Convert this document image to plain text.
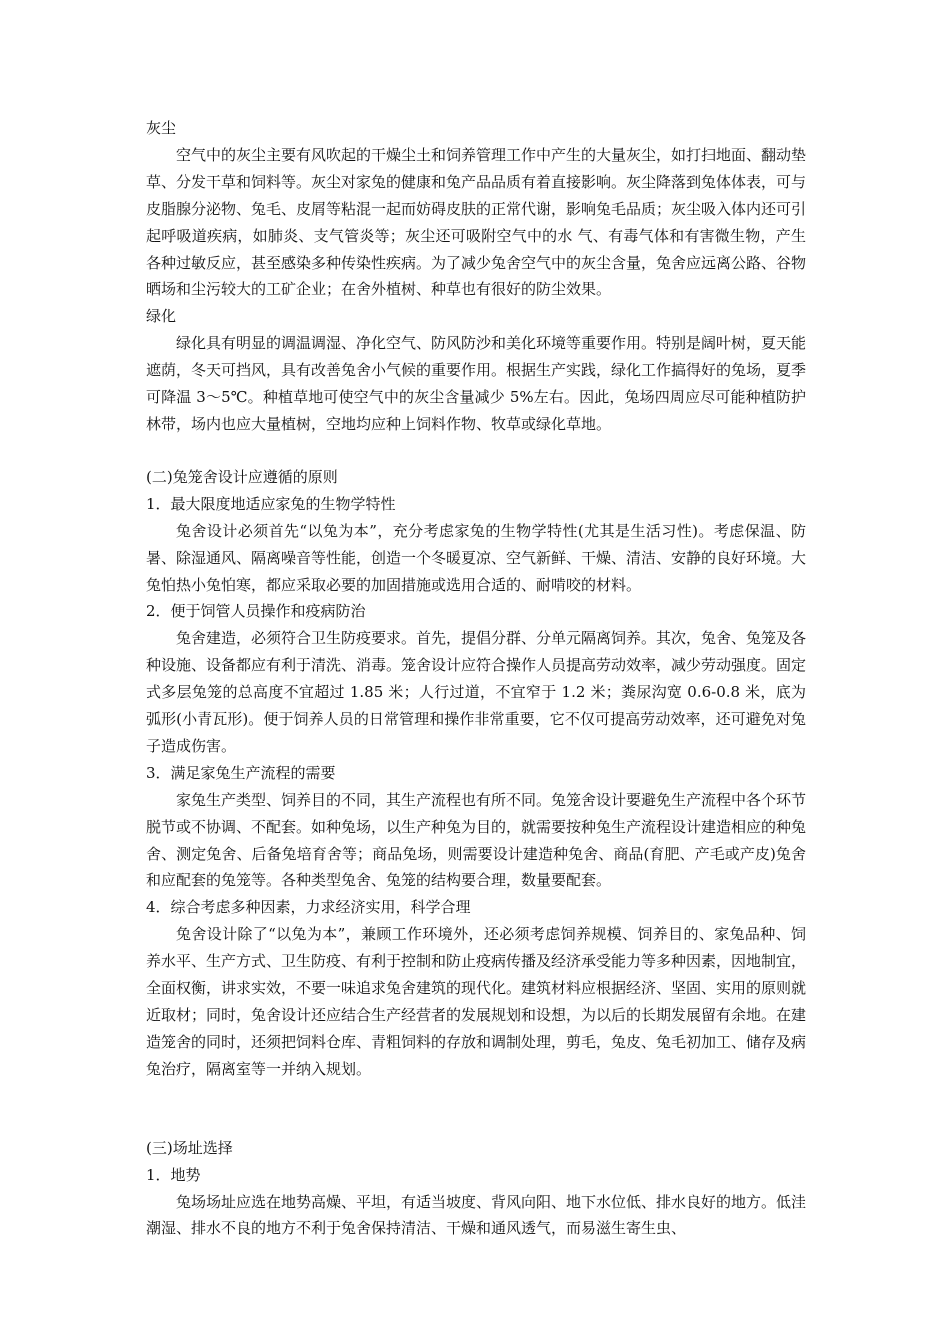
灰尘

空气中的灰尘主要有风吹起的干燥尘土和饲养管理工作中产生的大量灰尘，如打扫地面、翻动垫草、分发干草和饲料等。灰尘对家兔的健康和兔产品品质有着直接影响。灰尘降落到兔体体表，可与皮脂腺分泌物、兔毛、皮屑等粘混一起而妨碍皮肤的正常代谢，影响兔毛品质；灰尘吸入体内还可引起呼吸道疾病，如肺炎、支气管炎等；灰尘还可吸附空气中的水 气、有毒气体和有害微生物，产生各种过敏反应，甚至感染多种传染性疾病。为了减少兔舍空气中的灰尘含量，兔舍应远离公路、谷物晒场和尘污较大的工矿企业；在舍外植树、种草也有很好的防尘效果。

绿化

绿化具有明显的调温调湿、净化空气、防风防沙和美化环境等重要作用。特别是阔叶树，夏天能遮荫，冬天可挡风，具有改善兔舍小气候的重要作用。根据生产实践，绿化工作搞得好的兔场，夏季可降温 3～5℃。种植草地可使空气中的灰尘含量减少 5%左右。因此，兔场四周应尽可能种植防护林带，场内也应大量植树，空地均应种上饲料作物、牧草或绿化草地。

(二)兔笼舍设计应遵循的原则

1．最大限度地适应家兔的生物学特性

兔舍设计必须首先“以兔为本”，充分考虑家兔的生物学特性(尤其是生活习性)。考虑保温、防暑、除湿通风、隔离噪音等性能，创造一个冬暖夏凉、空气新鲜、干燥、清洁、安静的良好环境。大兔怕热小兔怕寒，都应采取必要的加固措施或选用合适的、耐啃咬的材料。

2．便于饲管人员操作和疫病防治

兔舍建造，必须符合卫生防疫要求。首先，提倡分群、分单元隔离饲养。其次，兔舍、兔笼及各种设施、设备都应有利于清洗、消毒。笼舍设计应符合操作人员提高劳动效率，减少劳动强度。固定式多层兔笼的总高度不宜超过 1.85 米；人行过道，不宜窄于 1.2 米；粪尿沟宽 0.6-0.8 米，底为弧形(小青瓦形)。便于饲养人员的日常管理和操作非常重要，它不仅可提高劳动效率，还可避免对兔子造成伤害。

3．满足家兔生产流程的需要

家兔生产类型、饲养目的不同，其生产流程也有所不同。兔笼舍设计要避免生产流程中各个环节脱节或不协调、不配套。如种兔场，以生产种兔为目的，就需要按种兔生产流程设计建造相应的种兔舍、测定兔舍、后备兔培育舍等；商品兔场，则需要设计建造种兔舍、商品(育肥、产毛或产皮)兔舍和应配套的兔笼等。各种类型兔舍、兔笼的结构要合理，数量要配套。

4．综合考虑多种因素，力求经济实用，科学合理

兔舍设计除了“以兔为本”，兼顾工作环境外，还必须考虑饲养规模、饲养目的、家兔品种、饲养水平、生产方式、卫生防疫、有利于控制和防止疫病传播及经济承受能力等多种因素，因地制宜，全面权衡，讲求实效，不要一味追求兔舍建筑的现代化。建筑材料应根据经济、坚固、实用的原则就近取材；同时，兔舍设计还应结合生产经营者的发展规划和设想，为以后的长期发展留有余地。在建造笼舍的同时，还须把饲料仓库、青粗饲料的存放和调制处理，剪毛，兔皮、兔毛初加工、储存及病兔治疗，隔离室等一并纳入规划。

(三)场址选择

1．地势

兔场场址应选在地势高燥、平坦，有适当坡度、背风向阳、地下水位低、排水良好的地方。低洼潮湿、排水不良的地方不利于兔舍保持清洁、干燥和通风透气，而易滋生寄生虫、
